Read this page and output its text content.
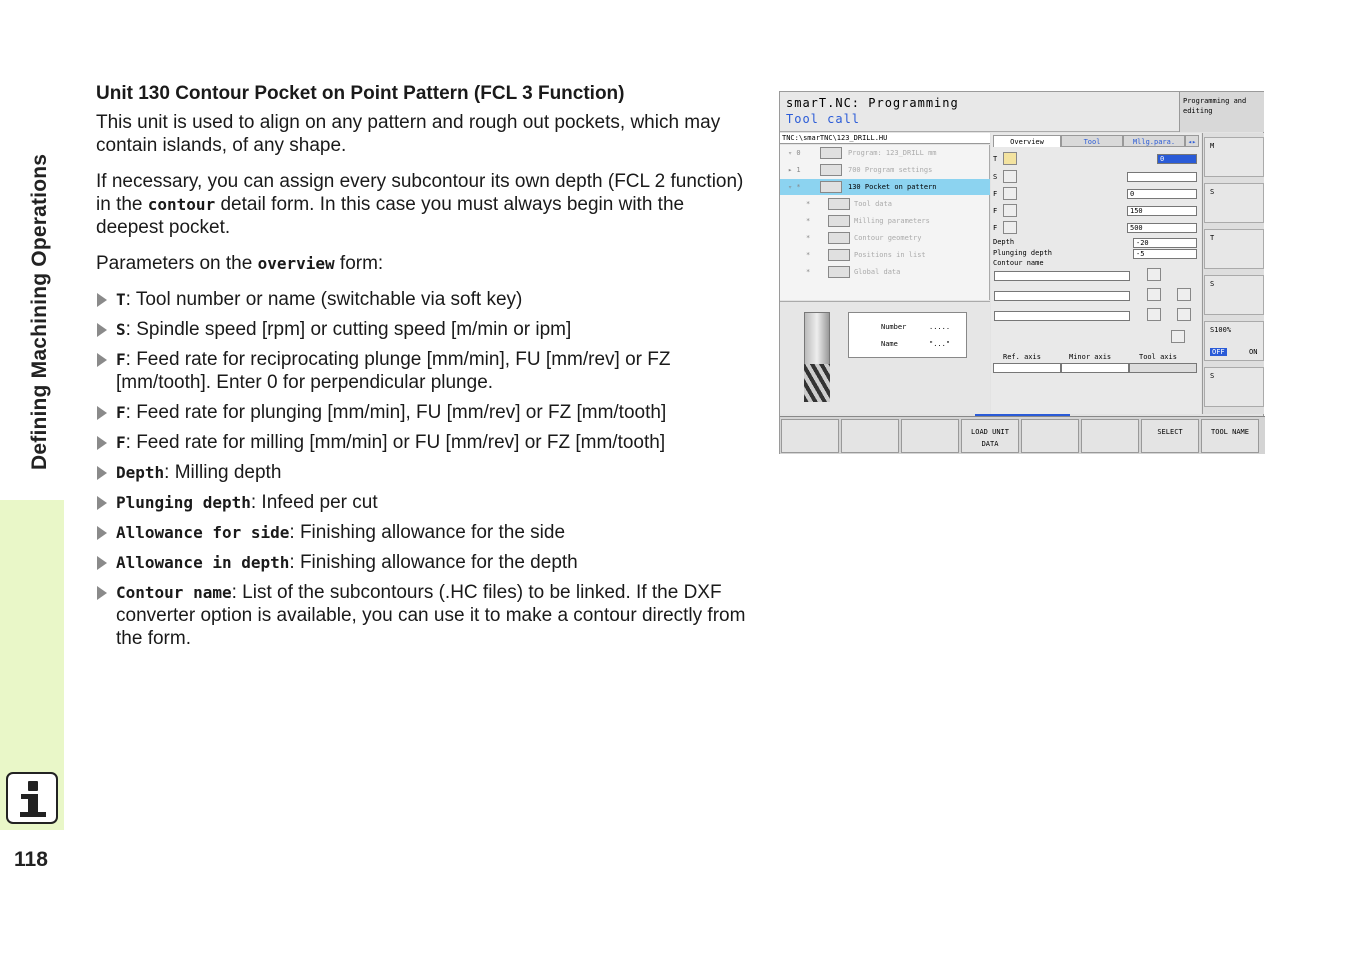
Defining Machining Operations
118
Unit 130 Contour Pocket on Point Pattern (FCL 3 Function)
This unit is used to align on any pattern and rough out pockets, which may contain islands, of any shape.
If necessary, you can assign every subcontour its own depth (FCL 2 function) in the contour detail form. In this case you must always begin with the deepest pocket.
Parameters on the overview form:
T: Tool number or name (switchable via soft key)
S: Spindle speed [rpm] or cutting speed [m/min or ipm]
F: Feed rate for reciprocating plunge [mm/min], FU [mm/rev] or FZ [mm/tooth]. Enter 0 for perpendicular plunge.
F: Feed rate for plunging [mm/min], FU [mm/rev] or FZ [mm/tooth]
F: Feed rate for milling [mm/min] or FU [mm/rev] or FZ [mm/tooth]
Depth: Milling depth
Plunging depth: Infeed per cut
Allowance for side: Finishing allowance for the side
Allowance in depth: Finishing allowance for the depth
Contour name: List of the subcontours (.HC files) to be linked. If the DXF converter option is available, you can use it to make a contour directly from the form.
smarT.NC: Programming
Tool call
Programming and editing
TNC:\smarTNC\123_DRILL.HU
▿ 0	Program: 123_DRILL mm
▸ 1	700 Program settings
▿ *	130 Pocket on pattern
*	Tool data
*	Milling parameters
*	Contour geometry
*	Positions in list
*	Global data
Number	.....
Name	"..."
Overview	Tool	Mllg.para.	◂▸
T	0
S
F	0
F	150
F	500
Depth	-20
Plunging depth	-5
Contour name
Ref. axis	Minor axis	Tool axis
M
S
T
S
S100%
OFF	ON
S
LOAD UNIT DATA
SELECT	TOOL NAME
